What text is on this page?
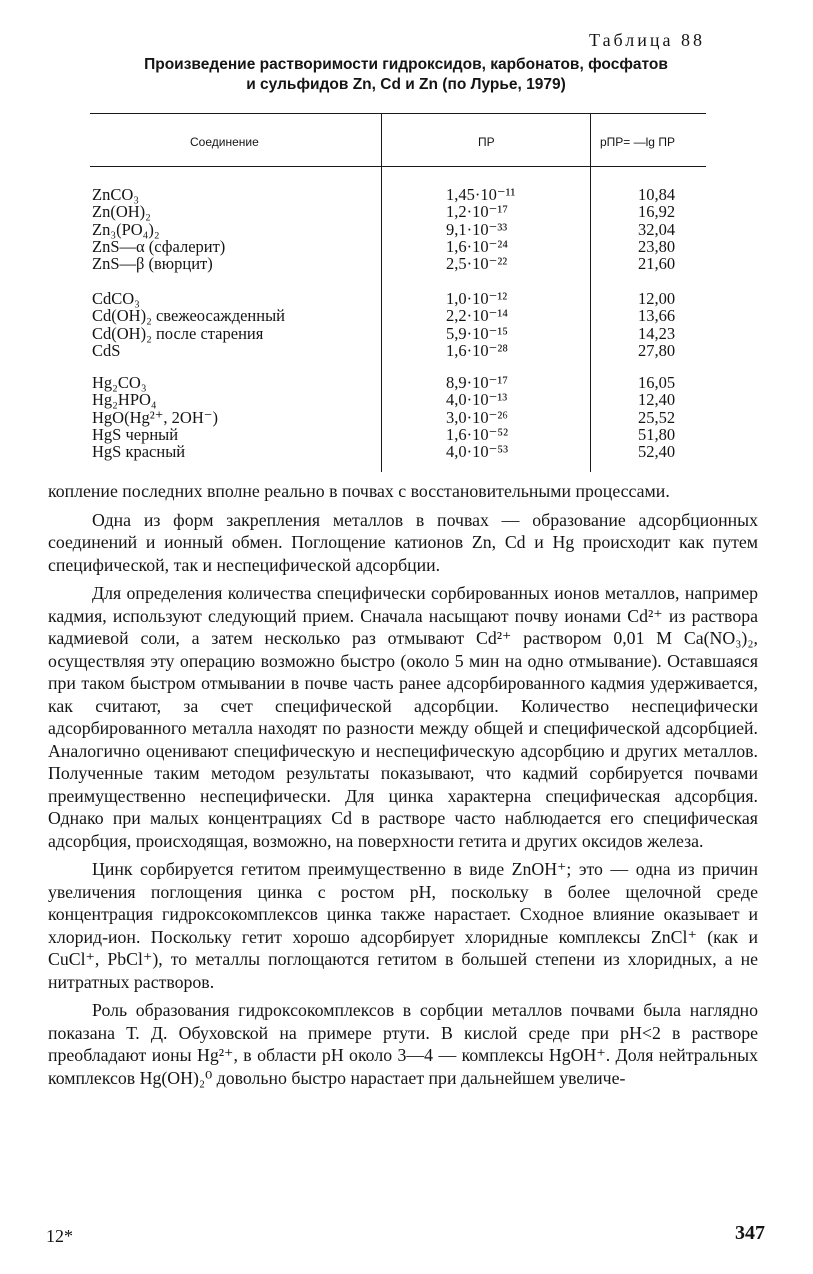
Таблица 88
Произведение растворимости гидроксидов, карбонатов, фосфатов
и сульфидов Zn, Cd и Zn (по Лурье, 1979)
Соединение	ПР	pПР= —lg ПР
ZnCO₃	1,45·10⁻¹¹	10,84
Zn(OH)₂	1,2·10⁻¹⁷	16,92
Zn₃(PO₄)₂	9,1·10⁻³³	32,04
ZnS—α (сфалерит)	1,6·10⁻²⁴	23,80
ZnS—β (вюрцит)	2,5·10⁻²²	21,60
CdCO₃	1,0·10⁻¹²	12,00
Cd(OH)₂ свежеосажденный	2,2·10⁻¹⁴	13,66
Cd(OH)₂ после старения	5,9·10⁻¹⁵	14,23
CdS	1,6·10⁻²⁸	27,80
Hg₂CO₃	8,9·10⁻¹⁷	16,05
Hg₂HPO₄	4,0·10⁻¹³	12,40
HgO(Hg²⁺, 2OH⁻)	3,0·10⁻²⁶	25,52
HgS черный	1,6·10⁻⁵²	51,80
HgS красный	4,0·10⁻⁵³	52,40

копление последних вполне реально в почвах с восстановительными процессами.

Одна из форм закрепления металлов в почвах — образование адсорбционных соединений и ионный обмен. Поглощение катионов Zn, Cd и Hg происходит как путем специфической, так и неспецифической адсорбции.

Для определения количества специфически сорбированных ионов металлов, например кадмия, используют следующий прием. Сначала насыщают почву ионами Cd²⁺ из раствора кадмиевой соли, а затем несколько раз отмывают Cd²⁺ раствором 0,01 М Ca(NO₃)₂, осуществляя эту операцию возможно быстро (около 5 мин на одно отмывание). Оставшаяся при таком быстром отмывании в почве часть ранее адсорбированного кадмия удерживается, как считают, за счет специфической адсорбции. Количество неспецифически адсорбированного металла находят по разности между общей и специфической адсорбцией. Аналогично оценивают специфическую и неспецифическую адсорбцию и других металлов. Полученные таким методом результаты показывают, что кадмий сорбируется почвами преимущественно неспецифически. Для цинка характерна специфическая адсорбция. Однако при малых концентрациях Cd в растворе часто наблюдается его специфическая адсорбция, происходящая, возможно, на поверхности гетита и других оксидов железа.

Цинк сорбируется гетитом преимущественно в виде ZnOH⁺; это — одна из причин увеличения поглощения цинка с ростом pH, поскольку в более щелочной среде концентрация гидроксокомплексов цинка также нарастает. Сходное влияние оказывает и хлорид-ион. Поскольку гетит хорошо адсорбирует хлоридные комплексы ZnCl⁺ (как и CuCl⁺, PbCl⁺), то металлы поглощаются гетитом в большей степени из хлоридных, а не нитратных растворов.

Роль образования гидроксокомплексов в сорбции металлов почвами была наглядно показана Т. Д. Обуховской на примере ртути. В кислой среде при pH<2 в растворе преобладают ионы Hg²⁺, в области pH около 3—4 — комплексы HgOH⁺. Доля нейтральных комплексов Hg(OH)₂⁰ довольно быстро нарастает при дальнейшем увеличе-

12*	347
